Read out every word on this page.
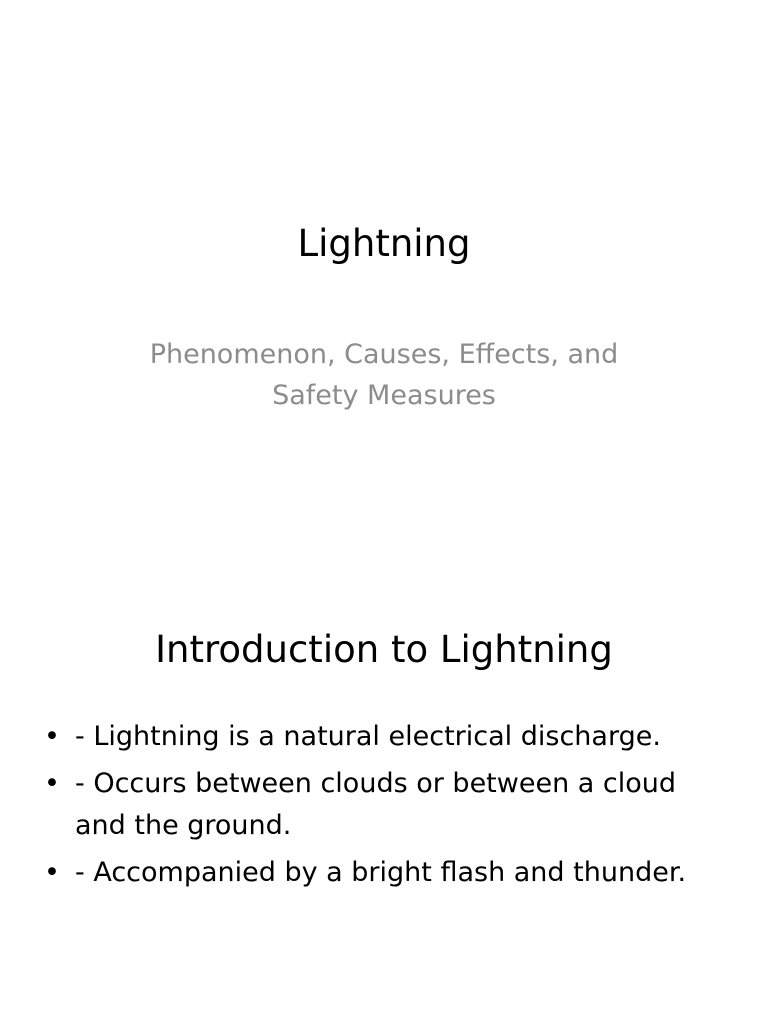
Lightning
Phenomenon, Causes, Effects, and Safety Measures
Introduction to Lightning
• - Lightning is a natural electrical discharge.
• - Occurs between clouds or between a cloud and the ground.
• - Accompanied by a bright flash and thunder.
